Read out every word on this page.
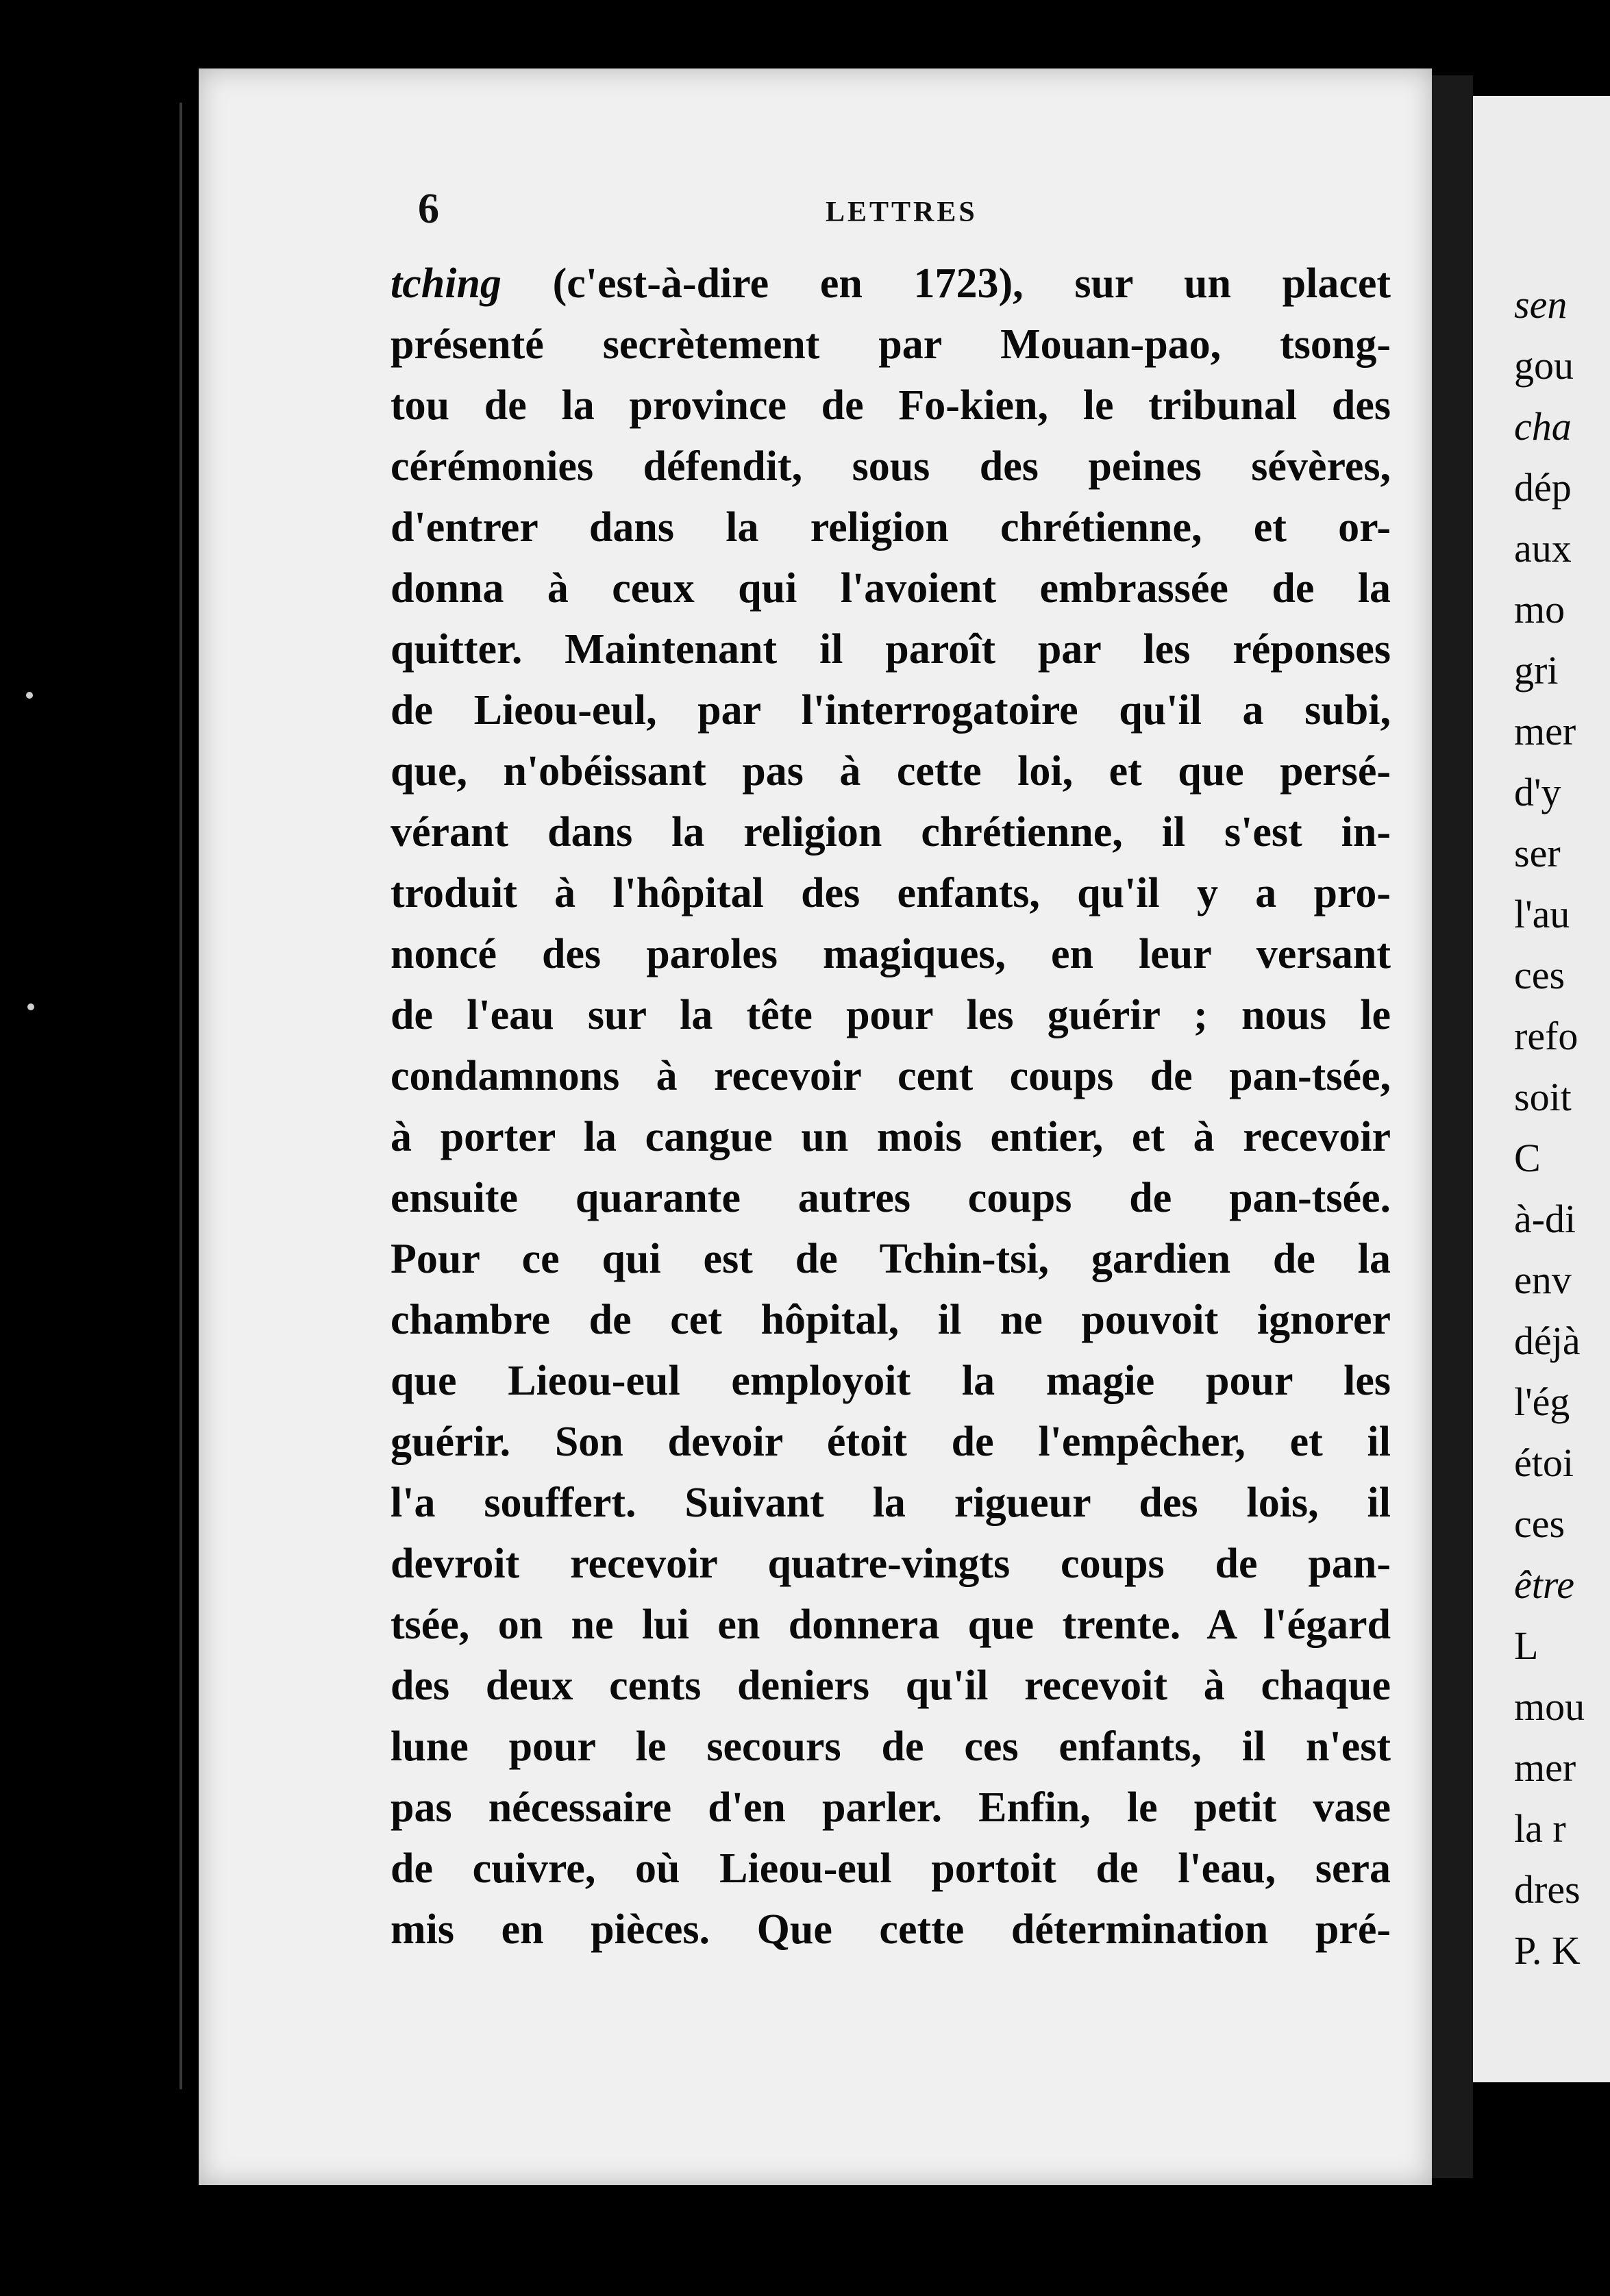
6	LETTRES
tching (c'est-à-dire en 1723), sur un placet
présenté secrètement par Mouan-pao, tsong-
tou de la province de Fo-kien, le tribunal des
cérémonies défendit, sous des peines sévères,
d'entrer dans la religion chrétienne, et or-
donna à ceux qui l'avoient embrassée de la
quitter. Maintenant il paroît par les réponses
de Lieou-eul, par l'interrogatoire qu'il a subi,
que, n'obéissant pas à cette loi, et que persé-
vérant dans la religion chrétienne, il s'est in-
troduit à l'hôpital des enfants, qu'il y a pro-
noncé des paroles magiques, en leur versant
de l'eau sur la tête pour les guérir ; nous le
condamnons à recevoir cent coups de pan-tsée,
à porter la cangue un mois entier, et à recevoir
ensuite quarante autres coups de pan-tsée.
Pour ce qui est de Tchin-tsi, gardien de la
chambre de cet hôpital, il ne pouvoit ignorer
que Lieou-eul employoit la magie pour les
guérir. Son devoir étoit de l'empêcher, et il
l'a souffert. Suivant la rigueur des lois, il
devroit recevoir quatre-vingts coups de pan-
tsée, on ne lui en donnera que trente. A l'égard
des deux cents deniers qu'il recevoit à chaque
lune pour le secours de ces enfants, il n'est
pas nécessaire d'en parler. Enfin, le petit vase
de cuivre, où Lieou-eul portoit de l'eau, sera
mis en pièces. Que cette détermination pré-
sen
gou
cha
dép
aux
mo
gri
mer
d'y
ser
l'au
ces
refo
soit
C
à-di
env
déjà
l'ég
étoi
ces
être
L
mou
mer
la r
dres
P. K
